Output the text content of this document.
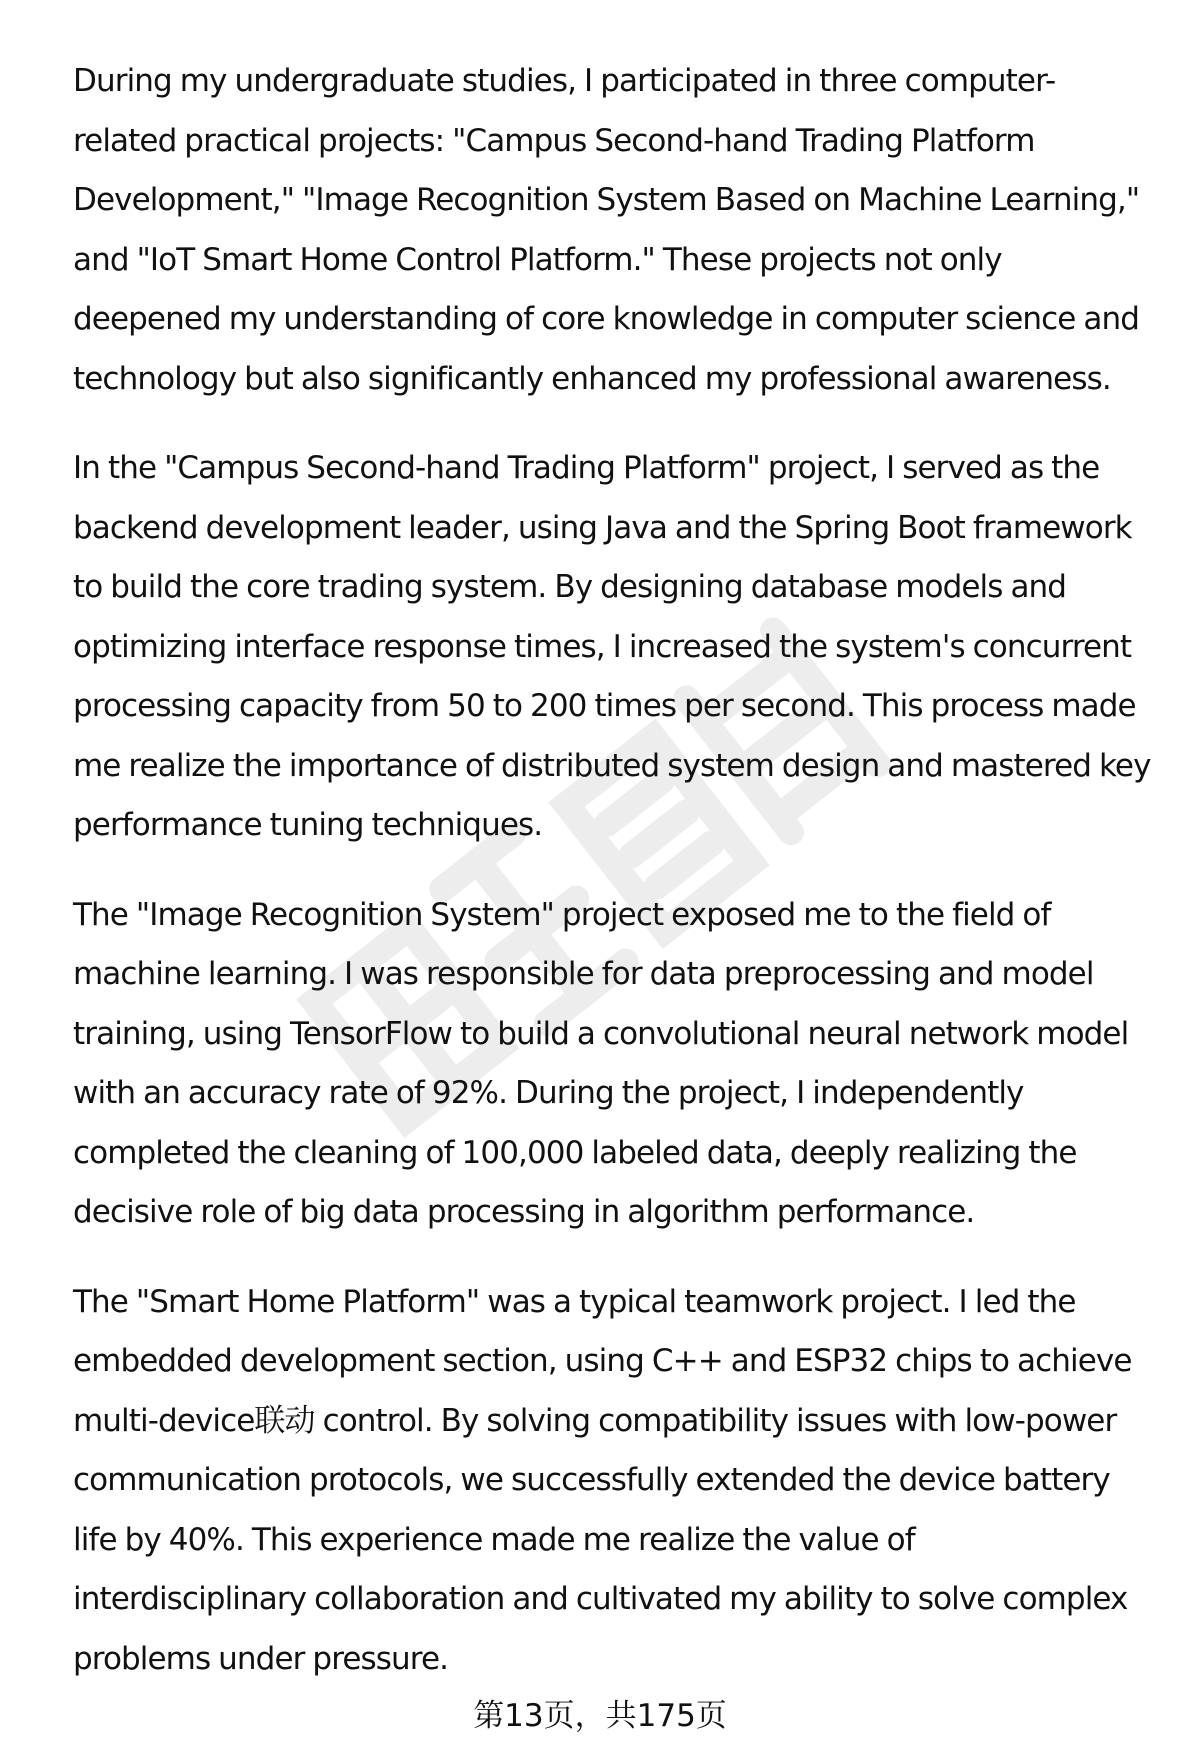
During my undergraduate studies, I participated in three computer-related practical projects: "Campus Second-hand Trading Platform Development," "Image Recognition System Based on Machine Learning," and "IoT Smart Home Control Platform." These projects not only deepened my understanding of core knowledge in computer science and technology but also significantly enhanced my professional awareness.

In the "Campus Second-hand Trading Platform" project, I served as the backend development leader, using Java and the Spring Boot framework to build the core trading system. By designing database models and optimizing interface response times, I increased the system's concurrent processing capacity from 50 to 200 times per second. This process made me realize the importance of distributed system design and mastered key performance tuning techniques.

The "Image Recognition System" project exposed me to the field of machine learning. I was responsible for data preprocessing and model training, using TensorFlow to build a convolutional neural network model with an accuracy rate of 92%. During the project, I independently completed the cleaning of 100,000 labeled data, deeply realizing the decisive role of big data processing in algorithm performance.

The "Smart Home Platform" was a typical teamwork project. I led the embedded development section, using C++ and ESP32 chips to achieve multi-device联动 control. By solving compatibility issues with low-power communication protocols, we successfully extended the device battery life by 40%. This experience made me realize the value of interdisciplinary collaboration and cultivated my ability to solve complex problems under pressure.

第13页，共175页
